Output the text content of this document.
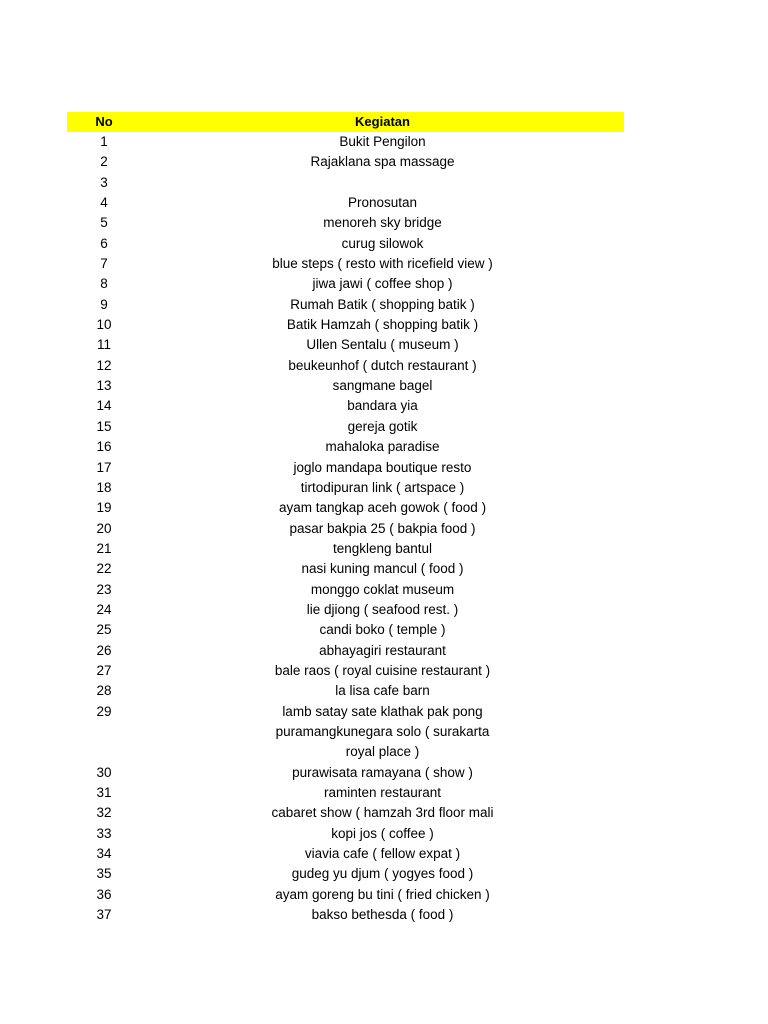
No	Kegiatan
1	Bukit Pengilon
2	Rajaklana spa massage
3
4	Pronosutan
5	menoreh sky bridge
6	curug silowok
7	blue steps ( resto with ricefield view )
8	jiwa jawi ( coffee shop )
9	Rumah Batik ( shopping batik )
10	Batik Hamzah ( shopping batik )
11	Ullen Sentalu ( museum )
12	beukeunhof ( dutch restaurant )
13	sangmane bagel
14	bandara yia
15	gereja gotik
16	mahaloka paradise
17	joglo mandapa boutique resto
18	tirtodipuran link ( artspace )
19	ayam tangkap aceh gowok ( food )
20	pasar bakpia 25 ( bakpia food )
21	tengkleng bantul
22	nasi kuning mancul ( food )
23	monggo coklat museum
24	lie djiong ( seafood rest. )
25	candi boko ( temple )
26	abhayagiri restaurant
27	bale raos ( royal cuisine restaurant )
28	la lisa cafe barn
29	lamb satay sate klathak pak pong
puramangkunegara solo ( surakarta
royal place )
30	purawisata ramayana ( show )
31	raminten restaurant
32	cabaret show ( hamzah 3rd floor mali
33	kopi jos ( coffee )
34	viavia cafe ( fellow expat )
35	gudeg yu djum ( yogyes food )
36	ayam goreng bu tini ( fried chicken )
37	bakso bethesda ( food )
